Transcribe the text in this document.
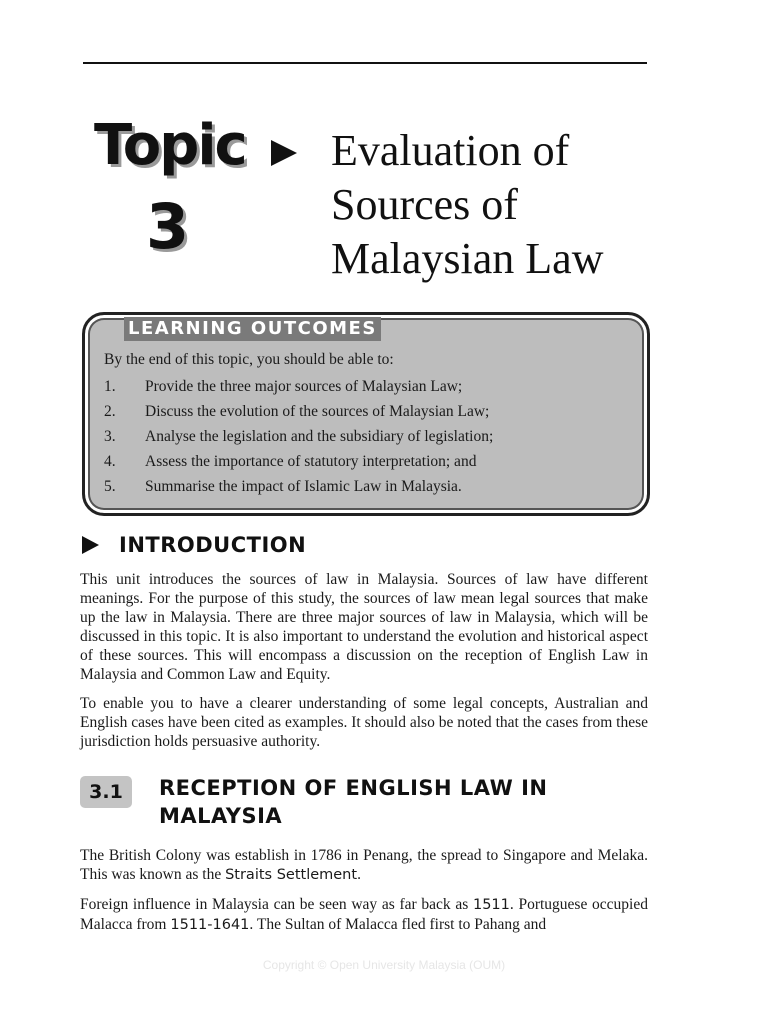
Topic
3
Evaluation of
Sources of
Malaysian Law
LEARNING OUTCOMES
By the end of this topic, you should be able to:
1. Provide the three major sources of Malaysian Law;
2. Discuss the evolution of the sources of Malaysian Law;
3. Analyse the legislation and the subsidiary of legislation;
4. Assess the importance of statutory interpretation; and
5. Summarise the impact of Islamic Law in Malaysia.
INTRODUCTION

This unit introduces the sources of law in Malaysia. Sources of law have different meanings. For the purpose of this study, the sources of law mean legal sources that make up the law in Malaysia. There are three major sources of law in Malaysia, which will be discussed in this topic. It is also important to understand the evolution and historical aspect of these sources. This will encompass a discussion on the reception of English Law in Malaysia and Common Law and Equity.

To enable you to have a clearer understanding of some legal concepts, Australian and English cases have been cited as examples. It should also be noted that the cases from these jurisdiction holds persuasive authority.

3.1	RECEPTION OF ENGLISH LAW IN MALAYSIA

The British Colony was establish in 1786 in Penang, the spread to Singapore and Melaka. This was known as the Straits Settlement.

Foreign influence in Malaysia can be seen way as far back as 1511. Portuguese occupied Malacca from 1511-1641. The Sultan of Malacca fled first to Pahang and

Copyright © Open University Malaysia (OUM)
